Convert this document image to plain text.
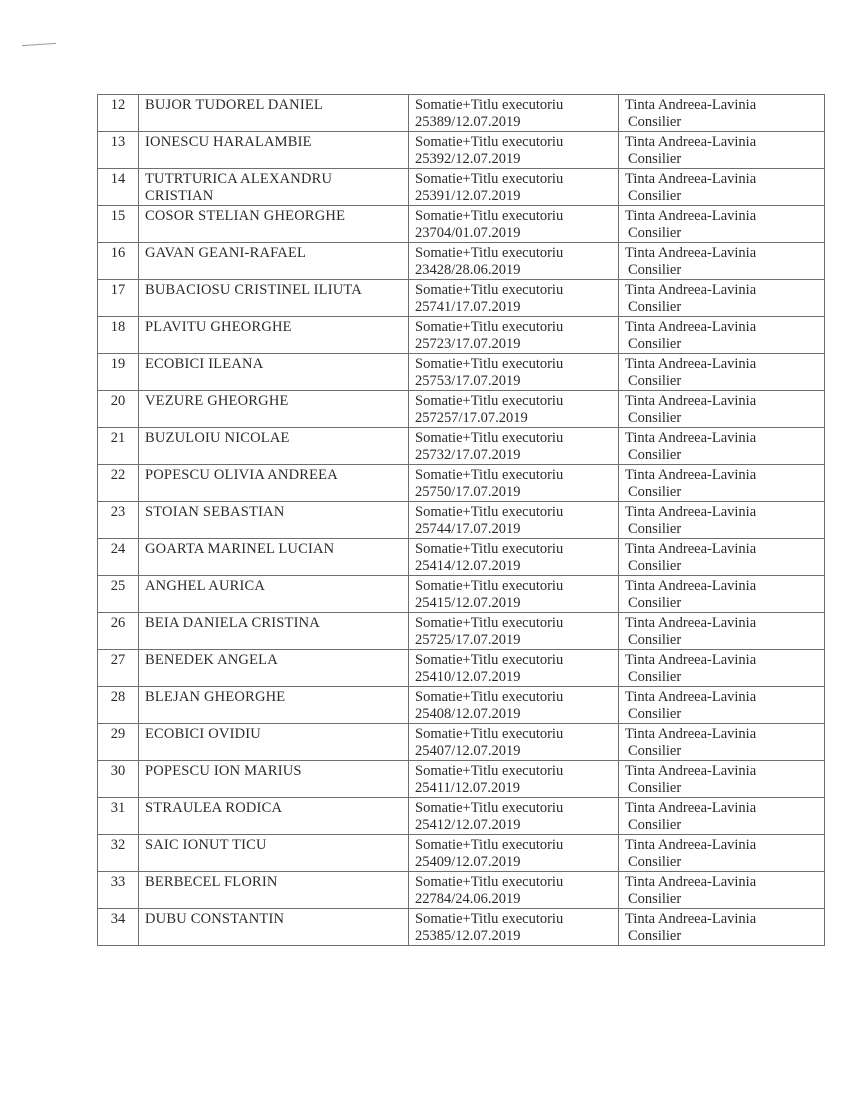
12	BUJOR TUDOREL DANIEL	Somatie+Titlu executoriu
25389/12.07.2019	Tinta Andreea-Lavinia
Consilier

13	IONESCU HARALAMBIE	Somatie+Titlu executoriu
25392/12.07.2019	Tinta Andreea-Lavinia
Consilier

14	TUTRTURICA ALEXANDRU CRISTIAN	Somatie+Titlu executoriu
25391/12.07.2019	Tinta Andreea-Lavinia
Consilier

15	COSOR STELIAN GHEORGHE	Somatie+Titlu executoriu
23704/01.07.2019	Tinta Andreea-Lavinia
Consilier

16	GAVAN GEANI-RAFAEL	Somatie+Titlu executoriu
23428/28.06.2019	Tinta Andreea-Lavinia
Consilier

17	BUBACIOSU CRISTINEL ILIUTA	Somatie+Titlu executoriu
25741/17.07.2019	Tinta Andreea-Lavinia
Consilier

18	PLAVITU GHEORGHE	Somatie+Titlu executoriu
25723/17.07.2019	Tinta Andreea-Lavinia
Consilier

19	ECOBICI ILEANA	Somatie+Titlu executoriu
25753/17.07.2019	Tinta Andreea-Lavinia
Consilier

20	VEZURE GHEORGHE	Somatie+Titlu executoriu
257257/17.07.2019	Tinta Andreea-Lavinia
Consilier

21	BUZULOIU NICOLAE	Somatie+Titlu executoriu
25732/17.07.2019	Tinta Andreea-Lavinia
Consilier

22	POPESCU OLIVIA ANDREEA	Somatie+Titlu executoriu
25750/17.07.2019	Tinta Andreea-Lavinia
Consilier

23	STOIAN SEBASTIAN	Somatie+Titlu executoriu
25744/17.07.2019	Tinta Andreea-Lavinia
Consilier

24	GOARTA MARINEL LUCIAN	Somatie+Titlu executoriu
25414/12.07.2019	Tinta Andreea-Lavinia
Consilier

25	ANGHEL AURICA	Somatie+Titlu executoriu
25415/12.07.2019	Tinta Andreea-Lavinia
Consilier

26	BEIA DANIELA CRISTINA	Somatie+Titlu executoriu
25725/17.07.2019	Tinta Andreea-Lavinia
Consilier

27	BENEDEK ANGELA	Somatie+Titlu executoriu
25410/12.07.2019	Tinta Andreea-Lavinia
Consilier

28	BLEJAN GHEORGHE	Somatie+Titlu executoriu
25408/12.07.2019	Tinta Andreea-Lavinia
Consilier

29	ECOBICI OVIDIU	Somatie+Titlu executoriu
25407/12.07.2019	Tinta Andreea-Lavinia
Consilier

30	POPESCU ION MARIUS	Somatie+Titlu executoriu
25411/12.07.2019	Tinta Andreea-Lavinia
Consilier

31	STRAULEA RODICA	Somatie+Titlu executoriu
25412/12.07.2019	Tinta Andreea-Lavinia
Consilier

32	SAIC IONUT TICU	Somatie+Titlu executoriu
25409/12.07.2019	Tinta Andreea-Lavinia
Consilier

33	BERBECEL FLORIN	Somatie+Titlu executoriu
22784/24.06.2019	Tinta Andreea-Lavinia
Consilier

34	DUBU CONSTANTIN	Somatie+Titlu executoriu
25385/12.07.2019	Tinta Andreea-Lavinia
Consilier
